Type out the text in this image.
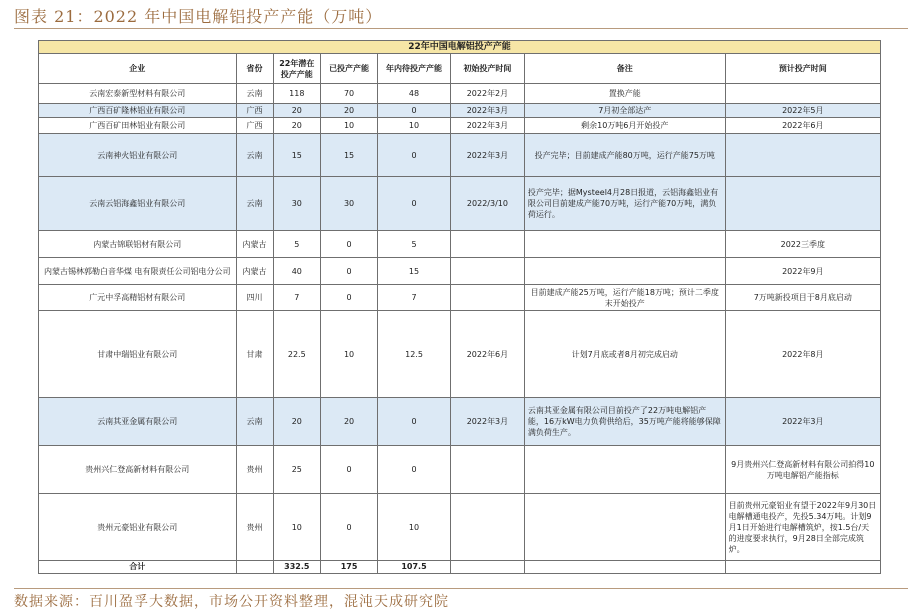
图表 21：2022 年中国电解铝投产产能（万吨）
22年中国电解铝投产产能							
企业	省份	22年潜在投产产能	已投产产能	年内待投产产能	初始投产时间	备注	预计投产时间
云南宏泰新型材料有限公司	云南	118	70	48	2022年2月	置换产能	
广西百矿隆林铝业有限公司	广西	20	20	0	2022年3月	7月初全部达产	2022年5月
广西百矿田林铝业有限公司	广西	20	10	10	2022年3月	剩余10万吨6月开始投产	2022年6月
云南神火铝业有限公司	云南	15	15	0	2022年3月	投产完毕；目前建成产能80万吨，运行产能75万吨	
云南云铝海鑫铝业有限公司	云南	30	30	0	2022/3/10	投产完毕；据Mysteel4月28日报道，云铝海鑫铝业有限公司目前建成产能70万吨，运行产能70万吨，满负荷运行。	
内蒙古锦联铝材有限公司	内蒙古	5	0	5			2022三季度
内蒙古锡林郭勒白音华煤 电有限责任公司铝电分公司	内蒙古	40	0	15			2022年9月
广元中孚高精铝材有限公司	四川	7	0	7		目前建成产能25万吨，运行产能18万吨；预计二季度末开始投产	7万吨新投项目于8月底启动
甘肃中瑞铝业有限公司	甘肃	22.5	10	12.5	2022年6月	计划7月底或者8月初完成启动	2022年8月
云南其亚金属有限公司	云南	20	20	0	2022年3月	云南其亚金属有限公司目前投产了22万吨电解铝产能，16万kW电力负荷供给后，35万吨产能将能够保障满负荷生产。	2022年3月
贵州兴仁登高新材料有限公司	贵州	25	0	0			9月贵州兴仁登高新材料有限公司拍得10万吨电解铝产能指标
贵州元豪铝业有限公司	贵州	10	0	10			目前贵州元豪铝业有望于2022年9月30日电解槽通电投产，先投5.34万吨。计划9月1日开始进行电解槽筑炉，按1.5台/天的进度要求执行，9月28日全部完成筑炉。
合计		332.5	175	107.5			
数据来源：百川盈孚大数据，市场公开资料整理，混沌天成研究院
